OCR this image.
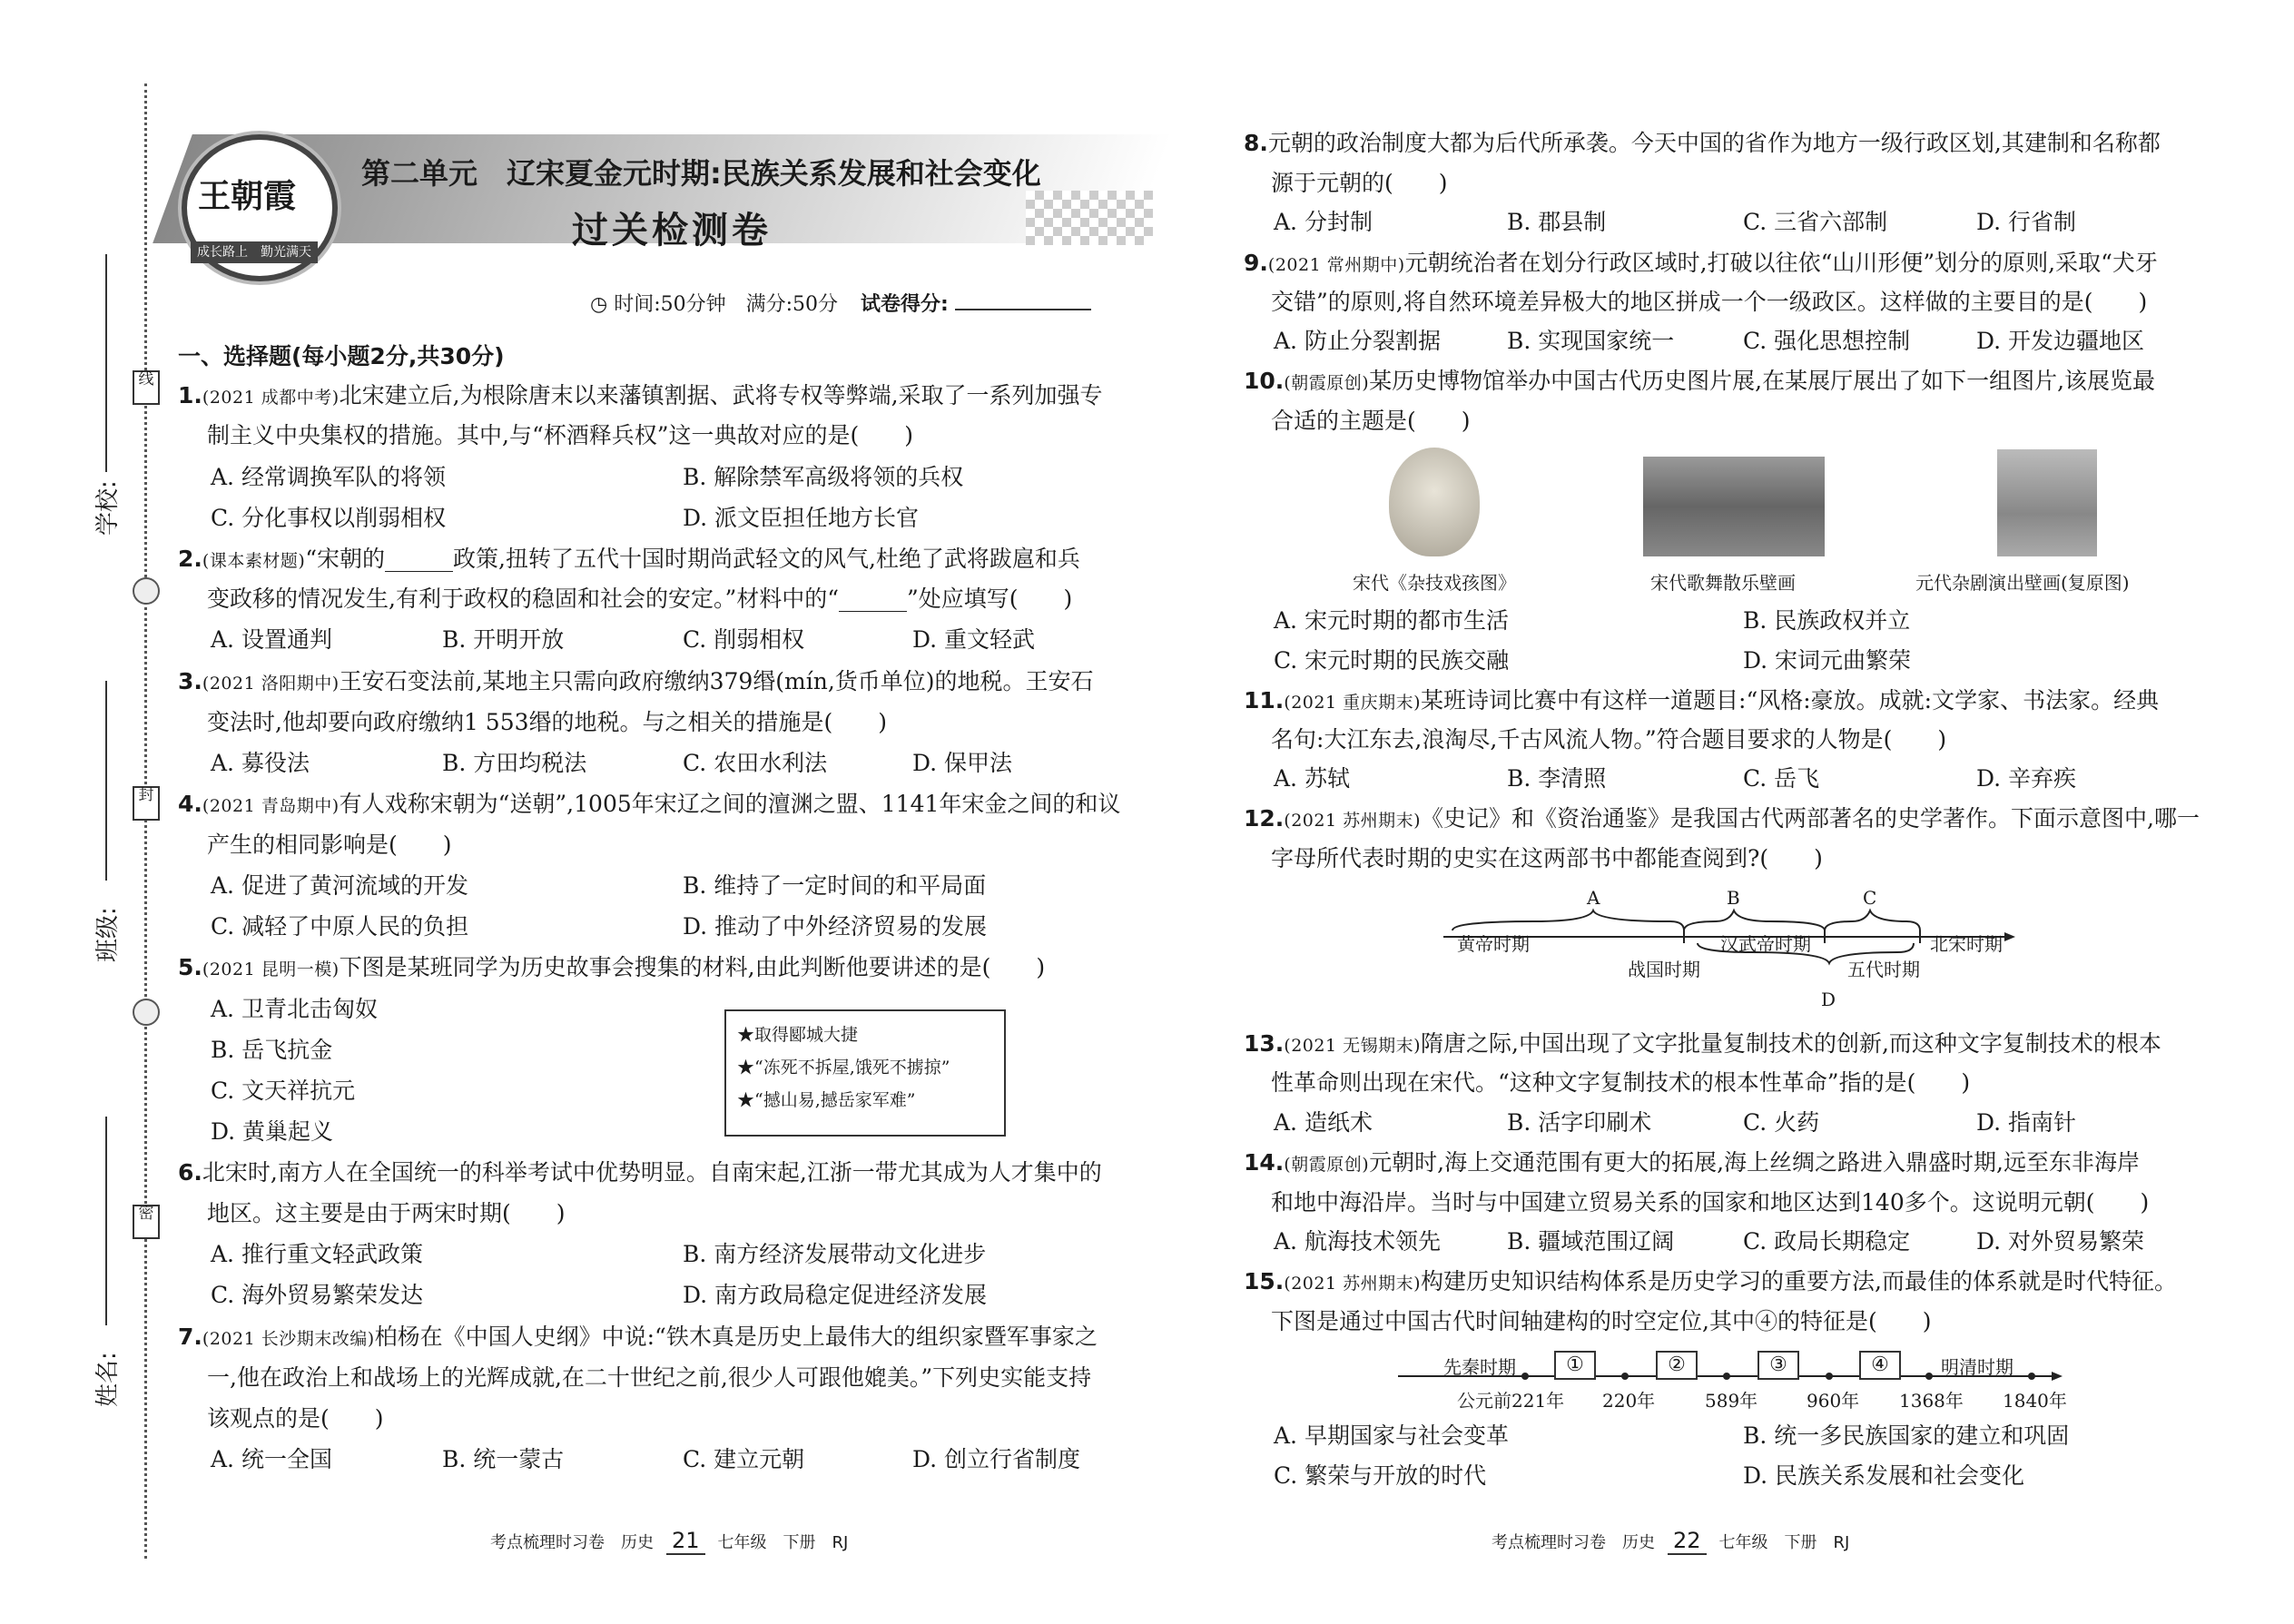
线
封
密
学校:
班级:
姓名:
王朝霞
成长路上　勤光满天
第二单元　辽宋夏金元时期:民族关系发展和社会变化
过关检测卷
◷ 时间:50分钟　满分:50分 试卷得分:
一、选择题(每小题2分,共30分)
1.(2021 成都中考)北宋建立后,为根除唐末以来藩镇割据、武将专权等弊端,采取了一系列加强专
制主义中央集权的措施。其中,与“杯酒释兵权”这一典故对应的是(　　)
A. 经常调换军队的将领	B. 解除禁军高级将领的兵权
C. 分化事权以削弱相权	D. 派文臣担任地方长官
2.(课本素材题)“宋朝的______政策,扭转了五代十国时期尚武轻文的风气,杜绝了武将跋扈和兵
变政移的情况发生,有利于政权的稳固和社会的安定。”材料中的“______”处应填写(　　)
A. 设置通判	B. 开明开放	C. 削弱相权	D. 重文轻武
3.(2021 洛阳期中)王安石变法前,某地主只需向政府缴纳379缗(mín,货币单位)的地税。王安石
变法时,他却要向政府缴纳1 553缗的地税。与之相关的措施是(　　)
A. 募役法	B. 方田均税法	C. 农田水利法	D. 保甲法
4.(2021 青岛期中)有人戏称宋朝为“送朝”,1005年宋辽之间的澶渊之盟、1141年宋金之间的和议
产生的相同影响是(　　)
A. 促进了黄河流域的开发	B. 维持了一定时间的和平局面
C. 减轻了中原人民的负担	D. 推动了中外经济贸易的发展
5.(2021 昆明一模)下图是某班同学为历史故事会搜集的材料,由此判断他要讲述的是(　　)
A. 卫青北击匈奴
B. 岳飞抗金
C. 文天祥抗元
D. 黄巢起义
★取得郾城大捷
★“冻死不拆屋,饿死不掳掠”
★“撼山易,撼岳家军难”
6.北宋时,南方人在全国统一的科举考试中优势明显。自南宋起,江浙一带尤其成为人才集中的
地区。这主要是由于两宋时期(　　)
A. 推行重文轻武政策	B. 南方经济发展带动文化进步
C. 海外贸易繁荣发达	D. 南方政局稳定促进经济发展
7.(2021 长沙期末改编)柏杨在《中国人史纲》中说:“铁木真是历史上最伟大的组织家暨军事家之
一,他在政治上和战场上的光辉成就,在二十世纪之前,很少人可跟他媲美。”下列史实能支持
该观点的是(　　)
A. 统一全国	B. 统一蒙古	C. 建立元朝	D. 创立行省制度
8.元朝的政治制度大都为后代所承袭。今天中国的省作为地方一级行政区划,其建制和名称都
源于元朝的(　　)
A. 分封制	B. 郡县制	C. 三省六部制	D. 行省制
9.(2021 常州期中)元朝统治者在划分行政区域时,打破以往依“山川形便”划分的原则,采取“犬牙
交错”的原则,将自然环境差异极大的地区拼成一个一级政区。这样做的主要目的是(　　)
A. 防止分裂割据	B. 实现国家统一	C. 强化思想控制	D. 开发边疆地区
10.(朝霞原创)某历史博物馆举办中国古代历史图片展,在某展厅展出了如下一组图片,该展览最
合适的主题是(　　)
宋代《杂技戏孩图》	宋代歌舞散乐壁画	元代杂剧演出壁画(复原图)
A. 宋元时期的都市生活	B. 民族政权并立
C. 宋元时期的民族交融	D. 宋词元曲繁荣
11.(2021 重庆期末)某班诗词比赛中有这样一道题目:“风格:豪放。成就:文学家、书法家。经典
名句:大江东去,浪淘尽,千古风流人物。”符合题目要求的人物是(　　)
A. 苏轼	B. 李清照	C. 岳飞	D. 辛弃疾
12.(2021 苏州期末)《史记》和《资治通鉴》是我国古代两部著名的史学著作。下面示意图中,哪一
字母所代表时期的史实在这两部书中都能查阅到?(　　)
A	B	C
D
黄帝时期	汉武帝时期	北宋时期
战国时期	五代时期
13.(2021 无锡期末)隋唐之际,中国出现了文字批量复制技术的创新,而这种文字复制技术的根本
性革命则出现在宋代。“这种文字复制技术的根本性革命”指的是(　　)
A. 造纸术	B. 活字印刷术	C. 火药	D. 指南针
14.(朝霞原创)元朝时,海上交通范围有更大的拓展,海上丝绸之路进入鼎盛时期,远至东非海岸
和地中海沿岸。当时与中国建立贸易关系的国家和地区达到140多个。这说明元朝(　　)
A. 航海技术领先	B. 疆域范围辽阔	C. 政局长期稳定	D. 对外贸易繁荣
15.(2021 苏州期末)构建历史知识结构体系是历史学习的重要方法,而最佳的体系就是时代特征。
下图是通过中国古代时间轴建构的时空定位,其中④的特征是(　　)
先秦时期	①	②	③	④	明清时期
公元前221年 220年	589年	960年 1368年 1840年
A. 早期国家与社会变革	B. 统一多民族国家的建立和巩固
C. 繁荣与开放的时代	D. 民族关系发展和社会变化
考点梳理时习卷　历史 21 七年级　下册　RJ	考点梳理时习卷　历史 22 七年级　下册　RJ
